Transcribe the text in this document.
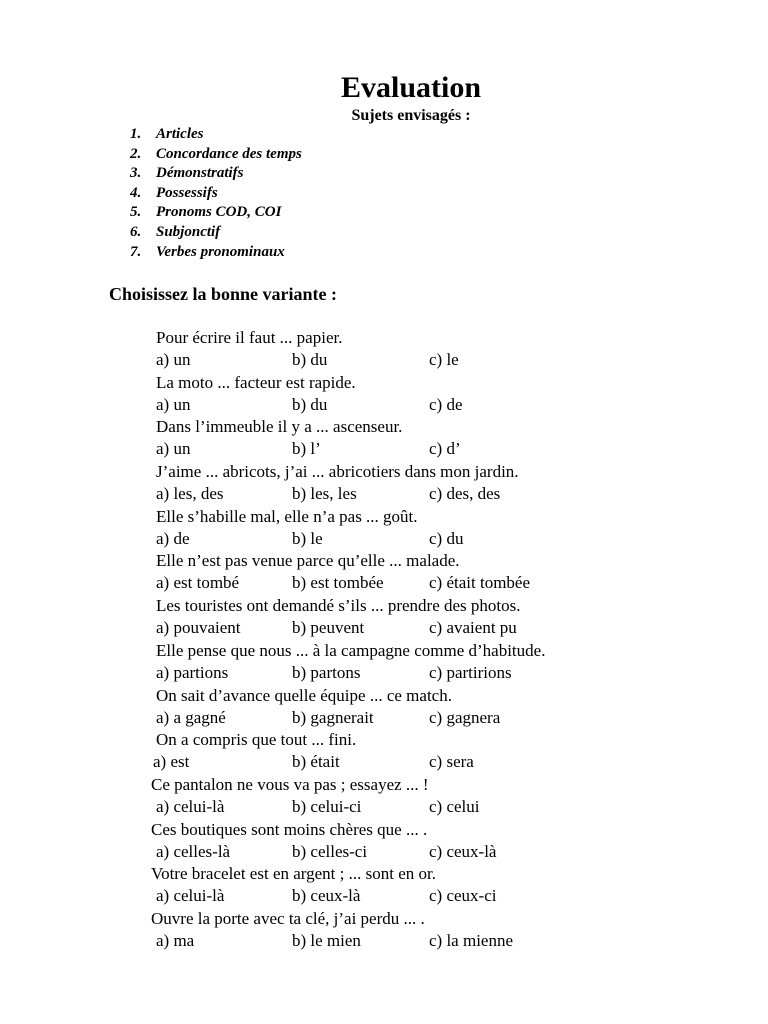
Evaluation
Sujets envisagés :
1. Articles
2. Concordance des temps
3. Démonstratifs
4. Possessifs
5. Pronoms COD, COI
6. Subjonctif
7. Verbes pronominaux
Choisissez la bonne variante :
Pour écrire il faut ... papier.
a) un	b) du	c) le
La moto ... facteur est rapide.
a) un	b) du	c) de
Dans l’immeuble il y a ... ascenseur.
a) un	b) l’	c) d’
J’aime ... abricots, j’ai ... abricotiers dans mon jardin.
a) les, des	b) les, les	c) des, des
Elle s’habille mal, elle n’a pas ... goût.
a) de	b) le	c) du
Elle n’est pas venue parce qu’elle ... malade.
a) est tombé	b) est tombée	c) était tombée
Les touristes ont demandé s’ils ... prendre des photos.
a) pouvaient	b) peuvent	c) avaient pu
Elle pense que nous ... à la campagne comme d’habitude.
a) partions	b) partons	c) partirions
On sait d’avance quelle équipe ... ce match.
a) a gagné	b) gagnerait	c) gagnera
On a compris que tout ... fini.
a) est	b) était	c) sera
Ce pantalon ne vous va pas ; essayez ... !
a) celui-là	b) celui-ci	c) celui
Ces boutiques sont moins chères que ... .
a) celles-là	b) celles-ci	c) ceux-là
Votre bracelet est en argent ; ... sont en or.
a) celui-là	b) ceux-là	c) ceux-ci
Ouvre la porte avec ta clé, j’ai perdu ... .
a) ma	b) le mien	c) la mienne
